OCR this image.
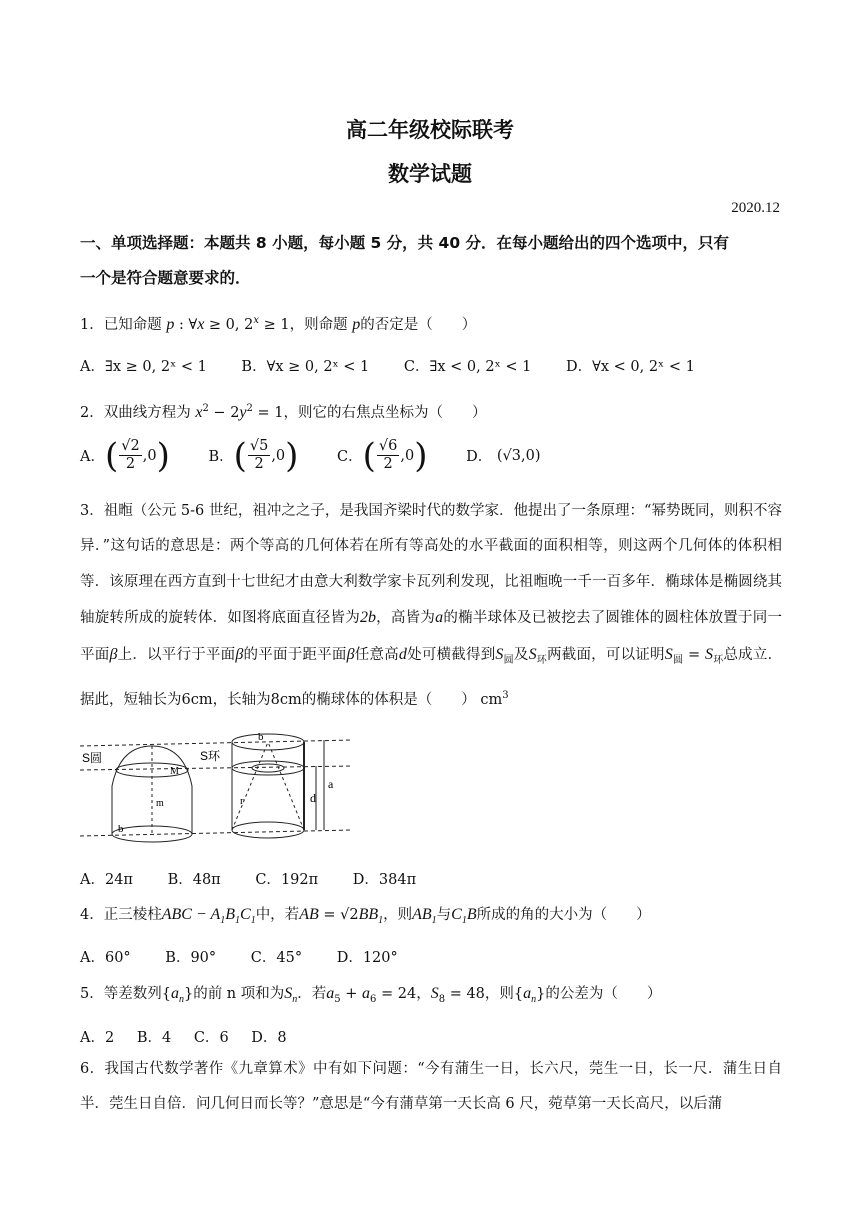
高二年级校际联考
数学试题
2020.12
一、单项选择题：本题共 8 小题，每小题 5 分，共 40 分．在每小题给出的四个选项中，只有
一个是符合题意要求的．
1．已知命题 p : ∀x ≥ 0, $2^x \ge 1$，则命题 p的否定是（　　）
A．∃x ≥ 0, 2ˣ < 1 B．∀x ≥ 0, 2ˣ < 1 C．∃x < 0, 2ˣ < 1 D．∀x < 0, 2ˣ < 1
2．双曲线方程为 $x^2 - 2y^2 = 1$，则它的右焦点坐标为（　　）
A． ( $\frac{√2}{2} ,0$ )
	B． ( $\frac{√5}{2} ,0$ )
	C． ( $\frac{√6}{2} ,0$ )
	D．
(√3,0)
3．祖暅（公元 5-6 世纪，祖冲之之子，是我国齐梁时代的数学家．他提出了一条原理：“幂势既同，则积不容异．”这句话的意思是：两个等高的几何体若在所有等高处的水平截面的面积相等，则这两个几何体的体积相等．该原理在西方直到十七世纪才由意大利数学家卡瓦列利发现，比祖暅晚一千一百多年．椭球体是椭圆绕其轴旋转所成的旋转体．如图将底面直径皆为2b，高皆为a的椭半球体及已被挖去了圆锥体的圆柱体放置于同一平面β上．以平行于平面β的平面于距平面β任意高d处可横截得到$S_圆$及$S_环$两截面，可以证明$S_圆 = S_环$总成立．据此，短轴长为6cm，长轴为8cm的椭球体的体积是（　　） $cm^3$
S圆	S环
M
m
b
b
r
a
d
A．24π B．48π C．192π D．384π
4．正三棱柱ABC − $A_1B_1C_1$中，若AB = $√2BB_1$，则$AB_1$与$C_1B$所成的角的大小为（　　）
A．60° B．90° C．45° D．120°
5．等差数列$\{a_n\}$的前 n 项和为$S_n$．若$a_5 + a_6 = 24$，$S_8 = 48$，则$\{a_n\}$的公差为（　　）
A．2 B．4 C．6 D．8
6．我国古代数学著作《九章算术》中有如下问题：“今有蒲生一日，长六尺，莞生一日，长一尺．蒲生日自半．莞生日自倍．问几何日而长等？”意思是“今有蒲草第一天长高 6 尺，菀草第一天长高尺，以后蒲
